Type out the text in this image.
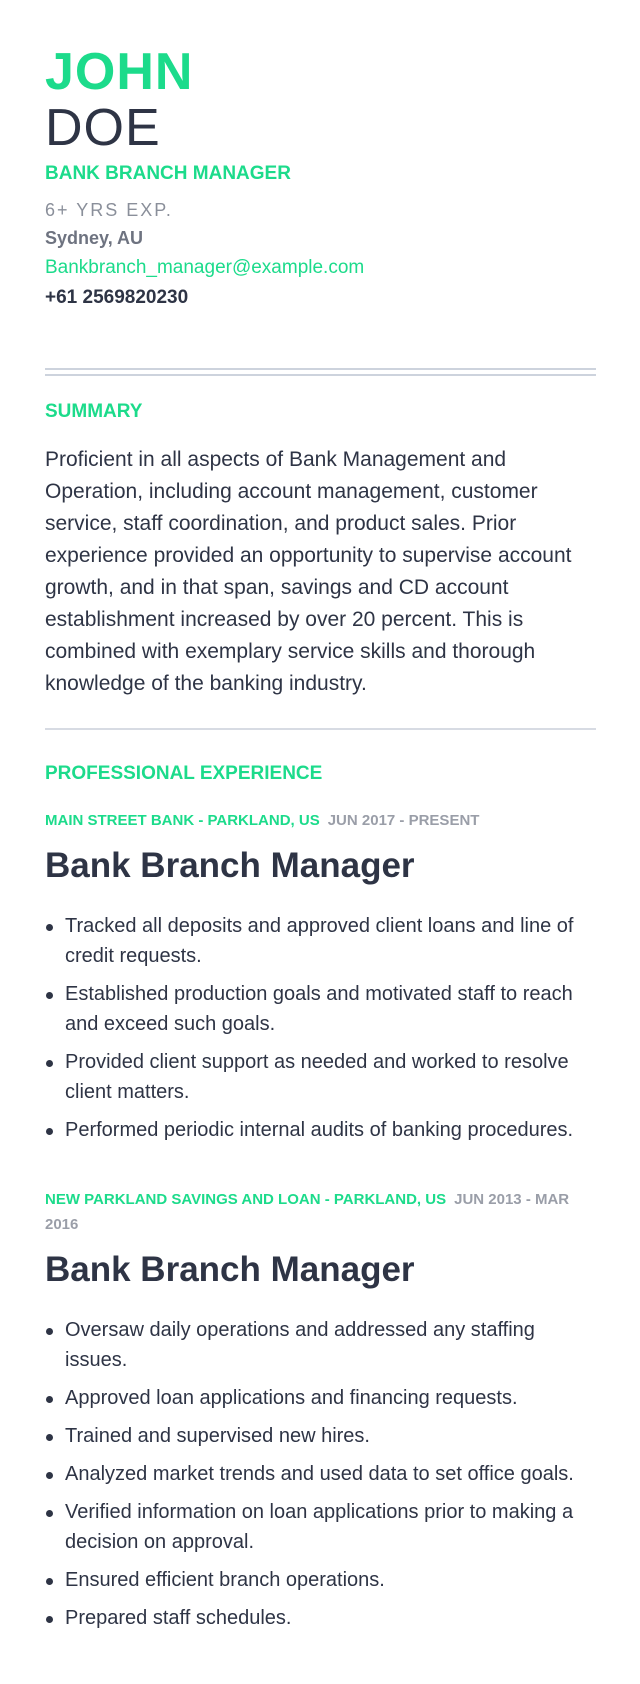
JOHN
DOE
BANK BRANCH MANAGER
6+ YRS EXP.
Sydney, AU
Bankbranch_manager@example.com
+61 2569820230
SUMMARY
Proficient in all aspects of Bank Management and Operation, including account management, customer service, staff coordination, and product sales. Prior experience provided an opportunity to supervise account growth, and in that span, savings and CD account establishment increased by over 20 percent. This is combined with exemplary service skills and thorough knowledge of the banking industry.
PROFESSIONAL EXPERIENCE
MAIN STREET BANK - PARKLAND, US JUN 2017 - PRESENT
Bank Branch Manager
Tracked all deposits and approved client loans and line of credit requests.
Established production goals and motivated staff to reach and exceed such goals.
Provided client support as needed and worked to resolve client matters.
Performed periodic internal audits of banking procedures.
NEW PARKLAND SAVINGS AND LOAN - PARKLAND, US JUN 2013 - MAR 2016
Bank Branch Manager
Oversaw daily operations and addressed any staffing issues.
Approved loan applications and financing requests.
Trained and supervised new hires.
Analyzed market trends and used data to set office goals.
Verified information on loan applications prior to making a decision on approval.
Ensured efficient branch operations.
Prepared staff schedules.
